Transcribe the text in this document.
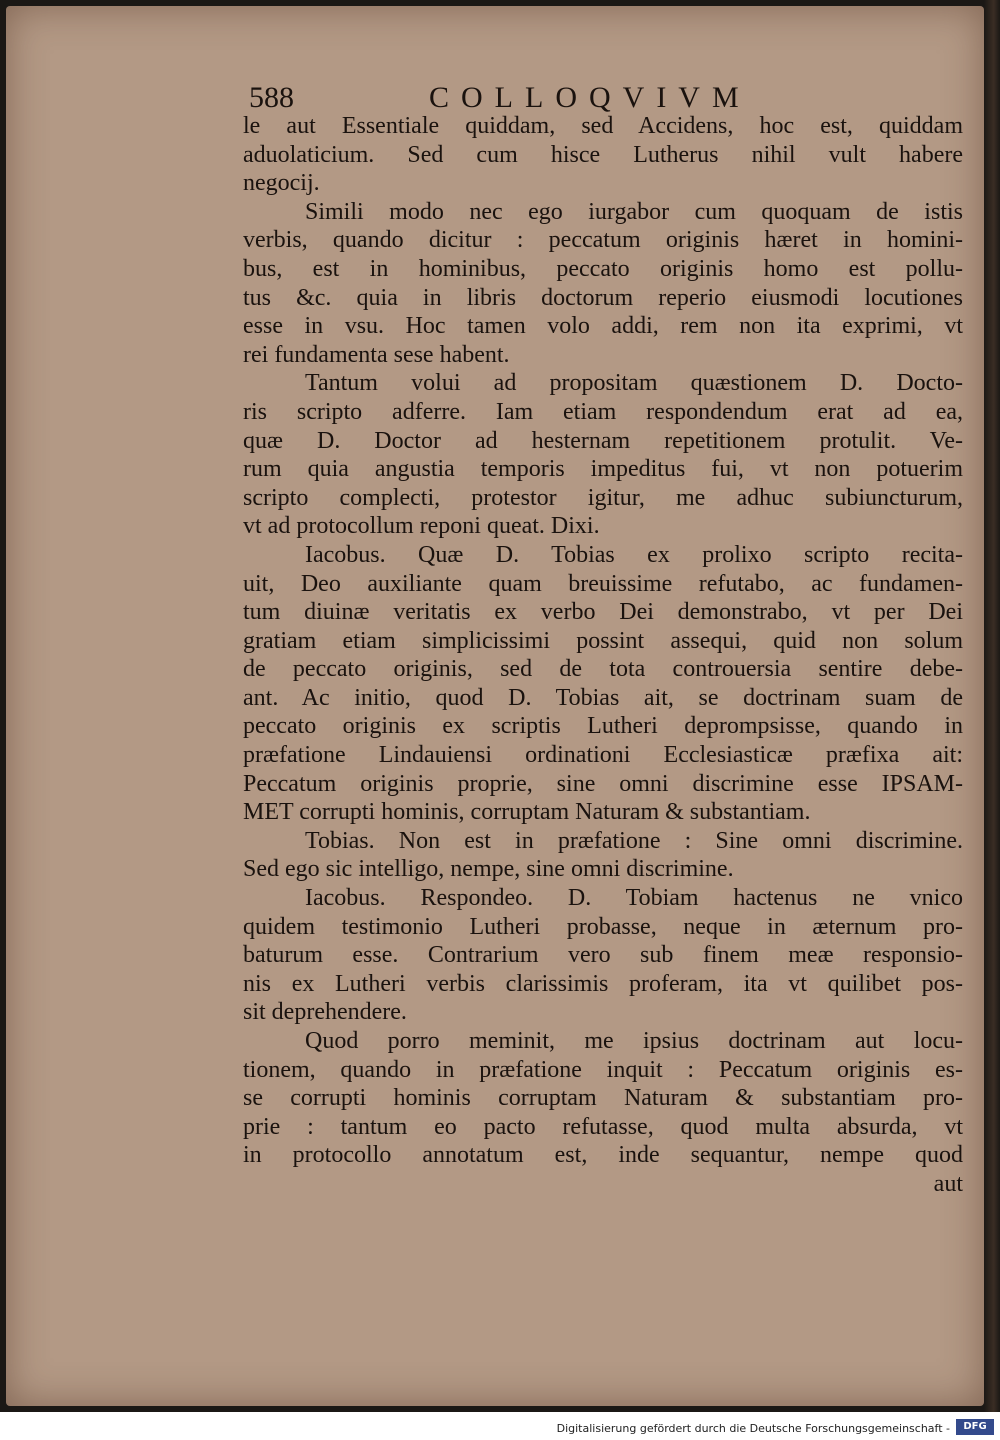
588	COLLOQVIVM
le aut Essentiale quiddam, sed Accidens, hoc est, quiddam
aduolaticium. Sed cum hisce Lutherus nihil vult habere
negocij.
Simili modo nec ego iurgabor cum quoquam de istis
verbis, quando dicitur : peccatum originis hæret in homini-
bus, est in hominibus, peccato originis homo est pollu-
tus &c. quia in libris doctorum reperio eiusmodi locutiones
esse in vsu. Hoc tamen volo addi, rem non ita exprimi, vt
rei fundamenta sese habent.
Tantum volui ad propositam quæstionem D. Docto-
ris scripto adferre. Iam etiam respondendum erat ad ea,
quæ D. Doctor ad hesternam repetitionem protulit. Ve-
rum quia angustia temporis impeditus fui, vt non potuerim
scripto complecti, protestor igitur, me adhuc subiuncturum,
vt ad protocollum reponi queat. Dixi.
Iacobus. Quæ D. Tobias ex prolixo scripto recita-
uit, Deo auxiliante quam breuissime refutabo, ac fundamen-
tum diuinæ veritatis ex verbo Dei demonstrabo, vt per Dei
gratiam etiam simplicissimi possint assequi, quid non solum
de peccato originis, sed de tota controuersia sentire debe-
ant. Ac initio, quod D. Tobias ait, se doctrinam suam de
peccato originis ex scriptis Lutheri deprompsisse, quando in
præfatione Lindauiensi ordinationi Ecclesiasticæ præfixa ait:
Peccatum originis proprie, sine omni discrimine esse IPSAM-
MET corrupti hominis, corruptam Naturam & substantiam.
Tobias. Non est in præfatione : Sine omni discrimine.
Sed ego sic intelligo, nempe, sine omni discrimine.
Iacobus. Respondeo. D. Tobiam hactenus ne vnico
quidem testimonio Lutheri probasse, neque in æternum pro-
baturum esse. Contrarium vero sub finem meæ responsio-
nis ex Lutheri verbis clarissimis proferam, ita vt quilibet pos-
sit deprehendere.
Quod porro meminit, me ipsius doctrinam aut locu-
tionem, quando in præfatione inquit : Peccatum originis es-
se corrupti hominis corruptam Naturam & substantiam pro-
prie : tantum eo pacto refutasse, quod multa absurda, vt
in protocollo annotatum est, inde sequantur, nempe quod
aut
Digitalisierung gefördert durch die Deutsche Forschungsgemeinschaft -	DFG
